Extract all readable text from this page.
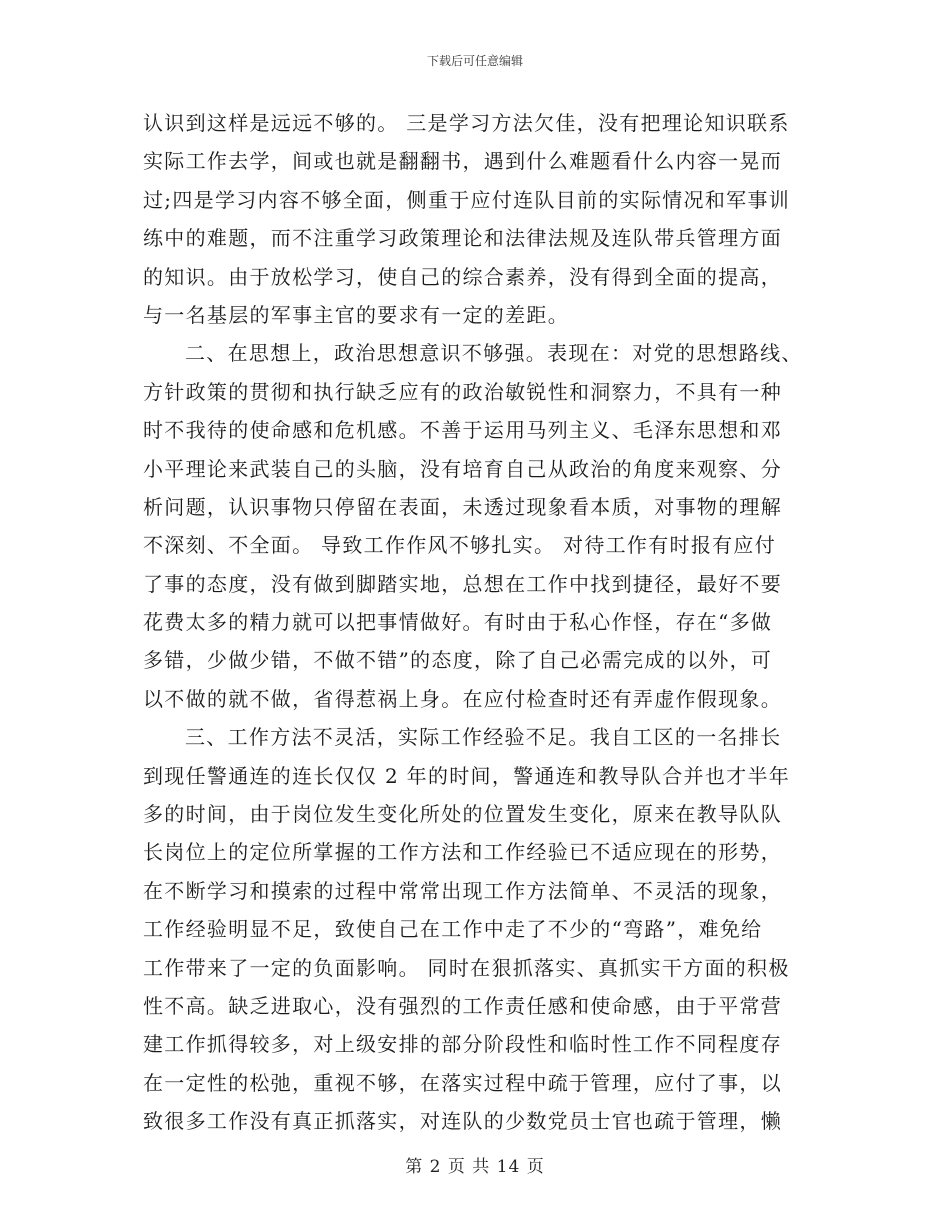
下载后可任意编辑
认识到这样是远远不够的。 三是学习方法欠佳，没有把理论知识联系
实际工作去学，间或也就是翻翻书，遇到什么难题看什么内容一晃而
过;四是学习内容不够全面，侧重于应付连队目前的实际情况和军事训
练中的难题，而不注重学习政策理论和法律法规及连队带兵管理方面
的知识。由于放松学习，使自己的综合素养，没有得到全面的提高，
与一名基层的军事主官的要求有一定的差距。
二、在思想上，政治思想意识不够强。表现在：对党的思想路线、
方针政策的贯彻和执行缺乏应有的政治敏锐性和洞察力，不具有一种
时不我待的使命感和危机感。不善于运用马列主义、毛泽东思想和邓
小平理论来武装自己的头脑，没有培育自己从政治的角度来观察、分
析问题，认识事物只停留在表面，未透过现象看本质，对事物的理解
不深刻、不全面。 导致工作作风不够扎实。 对待工作有时报有应付
了事的态度，没有做到脚踏实地，总想在工作中找到捷径，最好不要
花费太多的精力就可以把事情做好。有时由于私心作怪，存在“多做
多错，少做少错，不做不错”的态度，除了自己必需完成的以外，可
以不做的就不做，省得惹祸上身。在应付检查时还有弄虚作假现象。
三、工作方法不灵活，实际工作经验不足。我自工区的一名排长
到现任警通连的连长仅仅 2 年的时间，警通连和教导队合并也才半年
多的时间，由于岗位发生变化所处的位置发生变化，原来在教导队队
长岗位上的定位所掌握的工作方法和工作经验已不适应现在的形势，
在不断学习和摸索的过程中常常出现工作方法简单、不灵活的现象，
工作经验明显不足，致使自己在工作中走了不少的“弯路”，难免给
工作带来了一定的负面影响。 同时在狠抓落实、真抓实干方面的积极
性不高。缺乏进取心，没有强烈的工作责任感和使命感，由于平常营
建工作抓得较多，对上级安排的部分阶段性和临时性工作不同程度存
在一定性的松弛，重视不够，在落实过程中疏于管理，应付了事，以
致很多工作没有真正抓落实，对连队的少数党员士官也疏于管理，懒
第 2 页 共 14 页
